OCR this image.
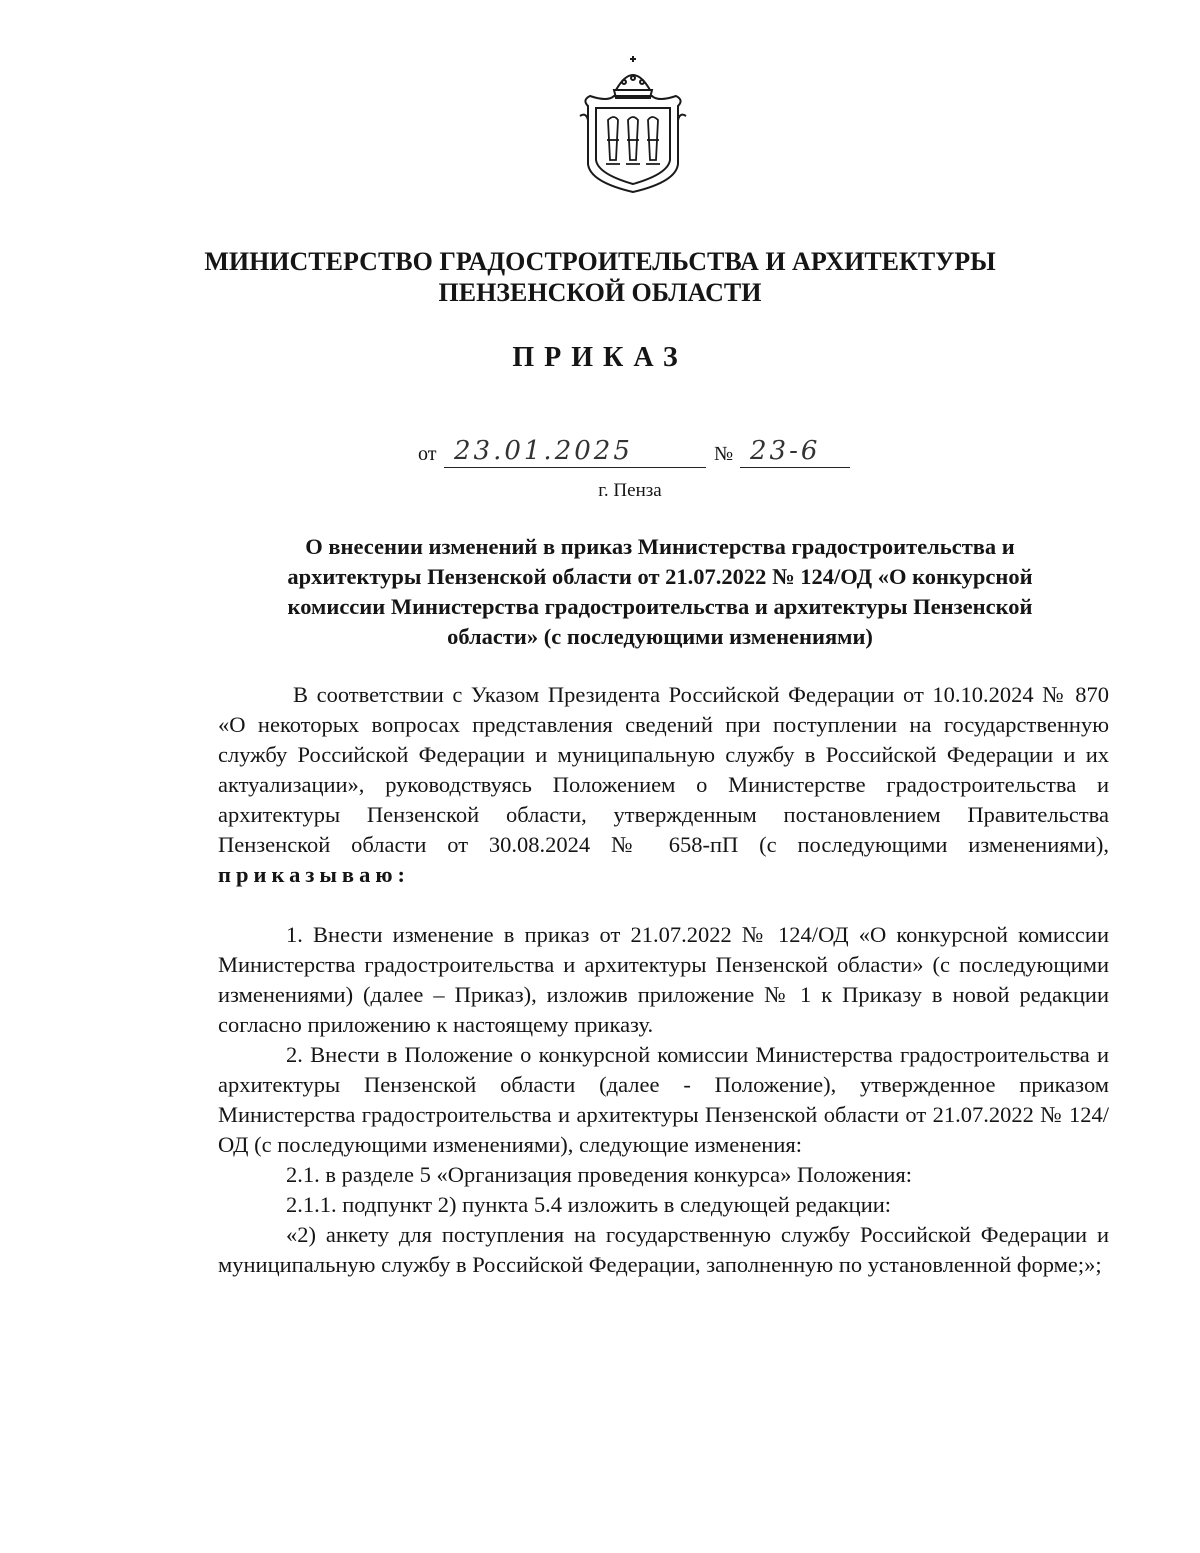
МИНИСТЕРСТВО ГРАДОСТРОИТЕЛЬСТВА И АРХИТЕКТУРЫ
ПЕНЗЕНСКОЙ ОБЛАСТИ
ПРИКАЗ
от 23.01.2025	№ 23-6
г. Пенза
О внесении изменений в приказ Министерства градостроительства и
архитектуры Пензенской области от 21.07.2022 № 124/ОД «О конкурсной
комиссии Министерства градостроительства и архитектуры Пензенской
области» (с последующими изменениями)

В соответствии с Указом Президента Российской Федерации от 10.10.2024 № 870 «О некоторых вопросах представления сведений при поступлении на государственную службу Российской Федерации и муниципальную службу в Российской Федерации и их актуализации», руководствуясь Положением о Министерстве градостроительства и архитектуры Пензенской области, утвержденным постановлением Правительства Пензенской области от 30.08.2024 № 658-пП (с последующими изменениями), приказываю:

1. Внести изменение в приказ от 21.07.2022 № 124/ОД «О конкурсной комиссии Министерства градостроительства и архитектуры Пензенской области» (с последующими изменениями) (далее – Приказ), изложив приложение № 1 к Приказу в новой редакции согласно приложению к настоящему приказу.

2. Внести в Положение о конкурсной комиссии Министерства градостроительства и архитектуры Пензенской области (далее - Положение), утвержденное приказом Министерства градостроительства и архитектуры Пензенской области от 21.07.2022 № 124/ОД (с последующими изменениями), следующие изменения:

2.1. в разделе 5 «Организация проведения конкурса» Положения:

2.1.1. подпункт 2) пункта 5.4 изложить в следующей редакции:

«2) анкету для поступления на государственную службу Российской Федерации и муниципальную службу в Российской Федерации, заполненную по установленной форме;»;
